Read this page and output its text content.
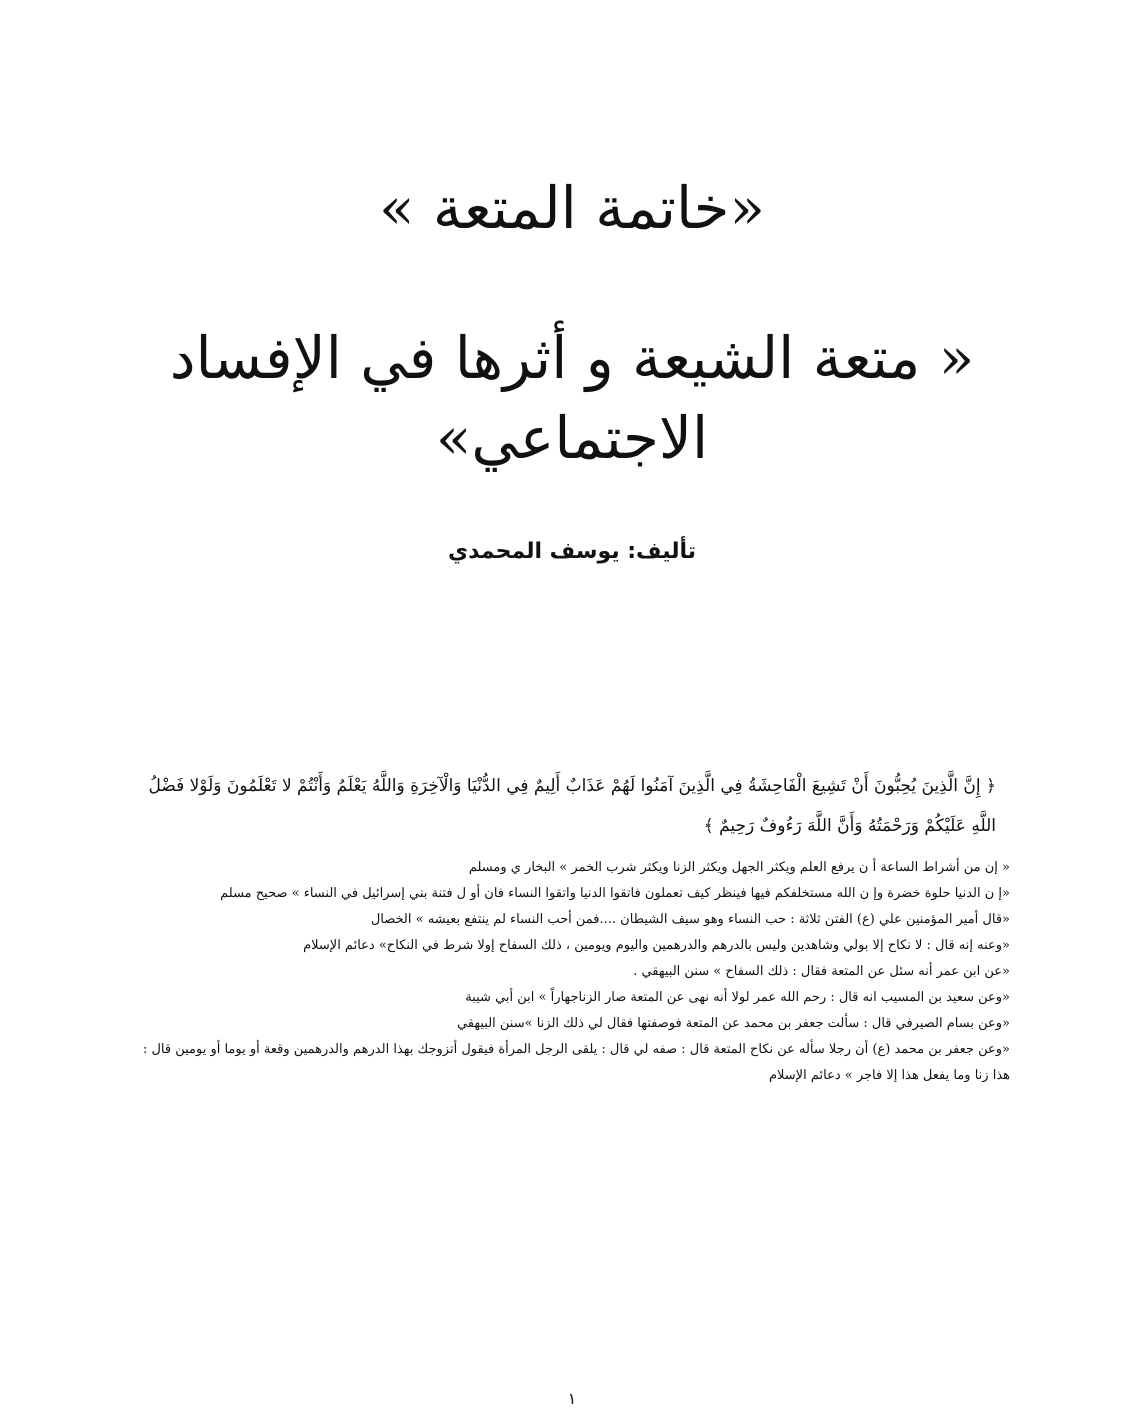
«خاتمة المتعة »
« متعة الشيعة و أثرها في الإفساد الاجتماعي»
تأليف: يوسف المحمدي
﴿ إِنَّ الَّذِينَ يُحِبُّونَ أَنْ تَشِيعَ الْفَاحِشَةُ فِي الَّذِينَ آمَنُوا لَهُمْ عَذَابٌ أَلِيمٌ فِي الدُّنْيَا وَالْآخِرَةِ وَاللَّهُ يَعْلَمُ وَأَنْتُمْ لا تَعْلَمُونَ وَلَوْلا فَضْلُ اللَّهِ عَلَيْكُمْ وَرَحْمَتُهُ وَأَنَّ اللَّهَ رَءُوفٌ رَحِيمٌ ﴾
« إن من أشراط الساعة أ ن يرفع العلم ويكثر الجهل ويكثر الزنا ويكثر شرب الخمر » البخار ي ومسلم
«إ ن الدنيا حلوة خضرة وإ ن الله مستخلفكم فيها فينظر كيف تعملون فاتقوا الدنيا واتقوا النساء فان أو ل فتنة بني إسرائيل في النساء » صحيح مسلم
«قال أمير المؤمنين علي (ع) الفتن ثلاثة : حب النساء وهو سيف الشيطان ....فمن أحب النساء لم ينتفع بعيشه » الخصال
«وعنه إنه قال : لا نكاح إلا بولي وشاهدين وليس بالدرهم والدرهمين واليوم ويومين ، ذلك السفاح إولا شرط في النكاح» دعائم الإسلام
«عن ابن عمر أنه سئل عن المتعة فقال : ذلك السفاح » سنن البيهقي .
«وعن سعيد بن المسيب انه قال : رحم الله عمر لولا أنه نهى عن المتعة صار الزناجهاراً » ابن أبي شيبة
«وعن بسام الصيرفي قال : سألت جعفر بن محمد عن المتعة فوصفتها فقال لي ذلك الزنا »سنن البيهقي
«وعن جعفر بن محمد (ع) أن رجلا سأله عن نكاح المتعة قال : صفه لي قال : يلقى الرجل المرأة فيقول أتزوجك بهذا الدرهم والدرهمين وقعة أو يوما أو يومين قال : هذا زنا وما يفعل هذا إلا فاجر » دعائم الإسلام
١
